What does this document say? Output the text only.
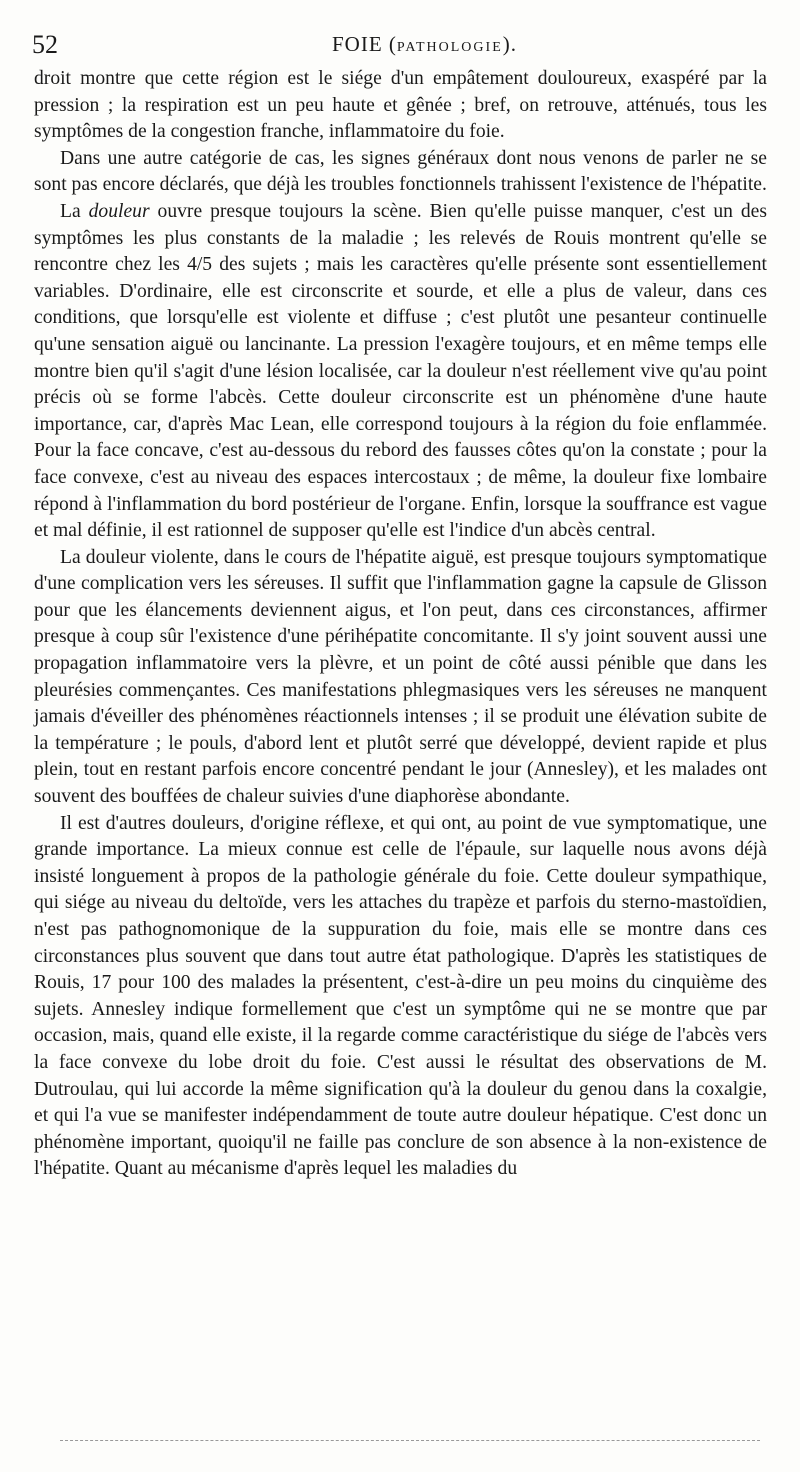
52	FOIE (PATHOLOGIE).

droit montre que cette région est le siége d'un empâtement douloureux, exaspéré par la pression ; la respiration est un peu haute et gênée ; bref, on retrouve, atténués, tous les symptômes de la congestion franche, inflammatoire du foie.

Dans une autre catégorie de cas, les signes généraux dont nous venons de parler ne se sont pas encore déclarés, que déjà les troubles fonctionnels trahissent l'existence de l'hépatite.

La douleur ouvre presque toujours la scène. Bien qu'elle puisse manquer, c'est un des symptômes les plus constants de la maladie ; les relevés de Rouis montrent qu'elle se rencontre chez les 4/5 des sujets ; mais les caractères qu'elle présente sont essentiellement variables. D'ordinaire, elle est circonscrite et sourde, et elle a plus de valeur, dans ces conditions, que lorsqu'elle est violente et diffuse ; c'est plutôt une pesanteur continuelle qu'une sensation aiguë ou lancinante. La pression l'exagère toujours, et en même temps elle montre bien qu'il s'agit d'une lésion localisée, car la douleur n'est réellement vive qu'au point précis où se forme l'abcès. Cette douleur circonscrite est un phénomène d'une haute importance, car, d'après Mac Lean, elle correspond toujours à la région du foie enflammée. Pour la face concave, c'est au-dessous du rebord des fausses côtes qu'on la constate ; pour la face convexe, c'est au niveau des espaces intercostaux ; de même, la douleur fixe lombaire répond à l'inflammation du bord postérieur de l'organe. Enfin, lorsque la souffrance est vague et mal définie, il est rationnel de supposer qu'elle est l'indice d'un abcès central.

La douleur violente, dans le cours de l'hépatite aiguë, est presque toujours symptomatique d'une complication vers les séreuses. Il suffit que l'inflammation gagne la capsule de Glisson pour que les élancements deviennent aigus, et l'on peut, dans ces circonstances, affirmer presque à coup sûr l'existence d'une périhépatite concomitante. Il s'y joint souvent aussi une propagation inflammatoire vers la plèvre, et un point de côté aussi pénible que dans les pleurésies commençantes. Ces manifestations phlegmasiques vers les séreuses ne manquent jamais d'éveiller des phénomènes réactionnels intenses ; il se produit une élévation subite de la température ; le pouls, d'abord lent et plutôt serré que développé, devient rapide et plus plein, tout en restant parfois encore concentré pendant le jour (Annesley), et les malades ont souvent des bouffées de chaleur suivies d'une diaphorèse abondante.

Il est d'autres douleurs, d'origine réflexe, et qui ont, au point de vue symptomatique, une grande importance. La mieux connue est celle de l'épaule, sur laquelle nous avons déjà insisté longuement à propos de la pathologie générale du foie. Cette douleur sympathique, qui siége au niveau du deltoïde, vers les attaches du trapèze et parfois du sterno-mastoïdien, n'est pas pathognomonique de la suppuration du foie, mais elle se montre dans ces circonstances plus souvent que dans tout autre état pathologique. D'après les statistiques de Rouis, 17 pour 100 des malades la présentent, c'est-à-dire un peu moins du cinquième des sujets. Annesley indique formellement que c'est un symptôme qui ne se montre que par occasion, mais, quand elle existe, il la regarde comme caractéristique du siége de l'abcès vers la face convexe du lobe droit du foie. C'est aussi le résultat des observations de M. Dutroulau, qui lui accorde la même signification qu'à la douleur du genou dans la coxalgie, et qui l'a vue se manifester indépendamment de toute autre douleur hépatique. C'est donc un phénomène important, quoiqu'il ne faille pas conclure de son absence à la non-existence de l'hépatite. Quant au mécanisme d'après lequel les maladies du
